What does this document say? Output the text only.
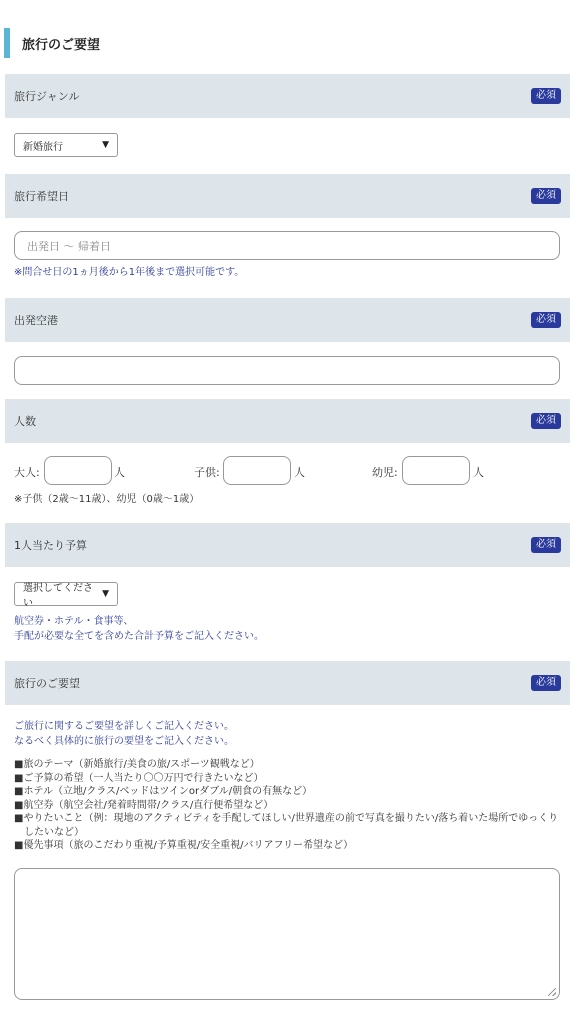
旅行のご要望
旅行ジャンル	必須
新婚旅行	▼
旅行希望日	必須
出発日 〜 帰着日
※問合せ日の1ヵ月後から1年後まで選択可能です。
出発空港	必須
人数	必須
大人:	人	子供:	人	幼児:	人
※子供（2歳〜11歳）、幼児（0歳〜1歳）
1人当たり予算	必須
選択してください
▼
航空券・ホテル・食事等、
手配が必要な全てを含めた合計予算をご記入ください。
旅行のご要望	必須
ご旅行に関するご要望を詳しくご記入ください。
なるべく具体的に旅行の要望をご記入ください。
■旅のテーマ（新婚旅行/美食の旅/スポーツ観戦など）
■ご予算の希望（一人当たり〇〇万円で行きたいなど）
■ホテル（立地/クラス/ベッドはツインorダブル/朝食の有無など）
■航空券（航空会社/発着時間帯/クラス/直行便希望など）
■やりたいこと（例：現地のアクティビティを手配してほしい/世界遺産の前で写真を撮りたい/落ち着いた場所でゆっくり
したいなど）
■優先事項（旅のこだわり重視/予算重視/安全重視/バリアフリー希望など）
